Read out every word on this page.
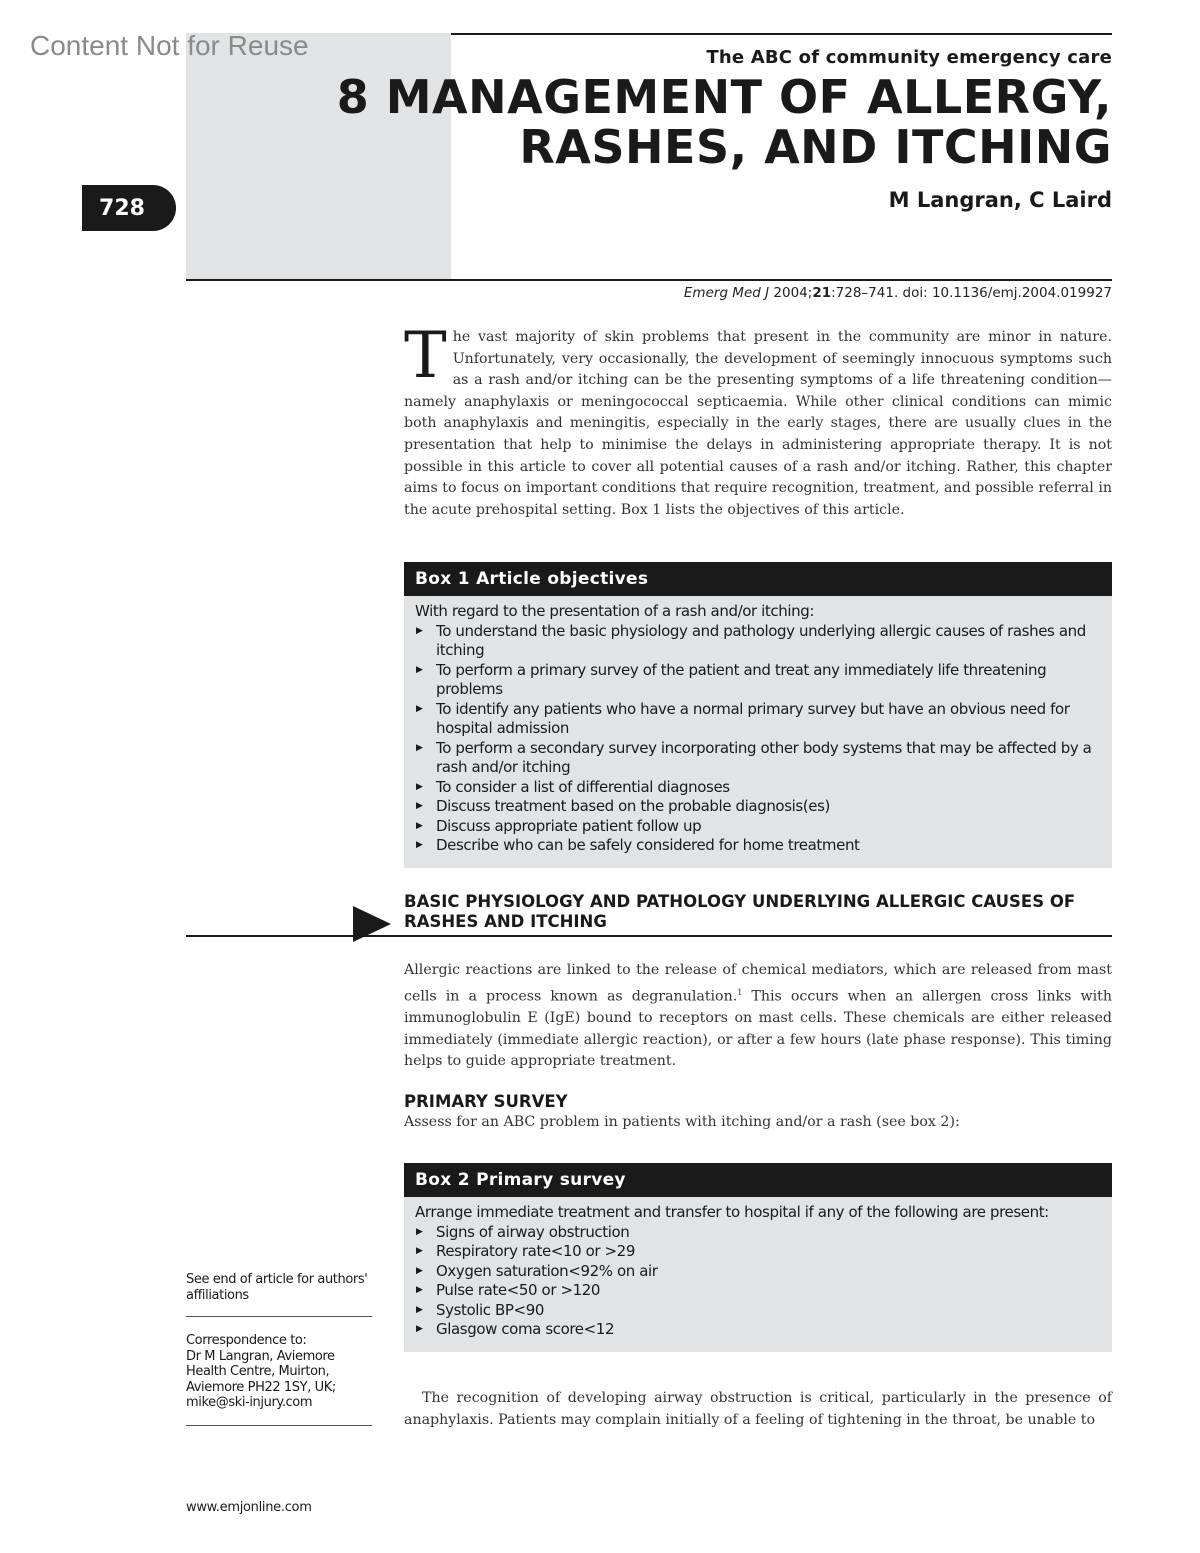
Content Not for Reuse	The ABC of community emergency care
8 MANAGEMENT OF ALLERGY,
RASHES, AND ITCHING
M Langran, C Laird
728
Emerg Med J 2004;21:728–741. doi: 10.1136/emj.2004.019927
The vast majority of skin problems that present in the community are minor in nature. Unfortunately, very occasionally, the development of seemingly innocuous symptoms such as a rash and/or itching can be the presenting symptoms of a life threatening condition—namely anaphylaxis or meningococcal septicaemia. While other clinical conditions can mimic both anaphylaxis and meningitis, especially in the early stages, there are usually clues in the presentation that help to minimise the delays in administering appropriate therapy. It is not possible in this article to cover all potential causes of a rash and/or itching. Rather, this chapter aims to focus on important conditions that require recognition, treatment, and possible referral in the acute prehospital setting. Box 1 lists the objectives of this article.
Box 1 Article objectives
With regard to the presentation of a rash and/or itching:
▶ To understand the basic physiology and pathology underlying allergic causes of rashes and itching
▶ To perform a primary survey of the patient and treat any immediately life threatening problems
▶ To identify any patients who have a normal primary survey but have an obvious need for hospital admission
▶ To perform a secondary survey incorporating other body systems that may be affected by a rash and/or itching
▶ To consider a list of differential diagnoses
▶ Discuss treatment based on the probable diagnosis(es)
▶ Discuss appropriate patient follow up
▶ Describe who can be safely considered for home treatment
BASIC PHYSIOLOGY AND PATHOLOGY UNDERLYING ALLERGIC CAUSES OF
RASHES AND ITCHING
Allergic reactions are linked to the release of chemical mediators, which are released from mast cells in a process known as degranulation.$^1$ This occurs when an allergen cross links with immunoglobulin E (IgE) bound to receptors on mast cells. These chemicals are either released immediately (immediate allergic reaction), or after a few hours (late phase response). This timing helps to guide appropriate treatment.
PRIMARY SURVEY
Assess for an ABC problem in patients with itching and/or a rash (see box 2):
Box 2 Primary survey
Arrange immediate treatment and transfer to hospital if any of the following are present:
▶ Signs of airway obstruction
▶ Respiratory rate<10 or >29
▶ Oxygen saturation<92% on air
▶ Pulse rate<50 or >120
▶ Systolic BP<90
▶ Glasgow coma score<12
See end of article for authors' affiliations
Correspondence to:
Dr M Langran, Aviemore
Health Centre, Muirton,
Aviemore PH22 1SY, UK;
mike@ski-injury.com	The recognition of developing airway obstruction is critical, particularly in the presence of anaphylaxis. Patients may complain initially of a feeling of tightening in the throat, be unable to
www.emjonline.com
